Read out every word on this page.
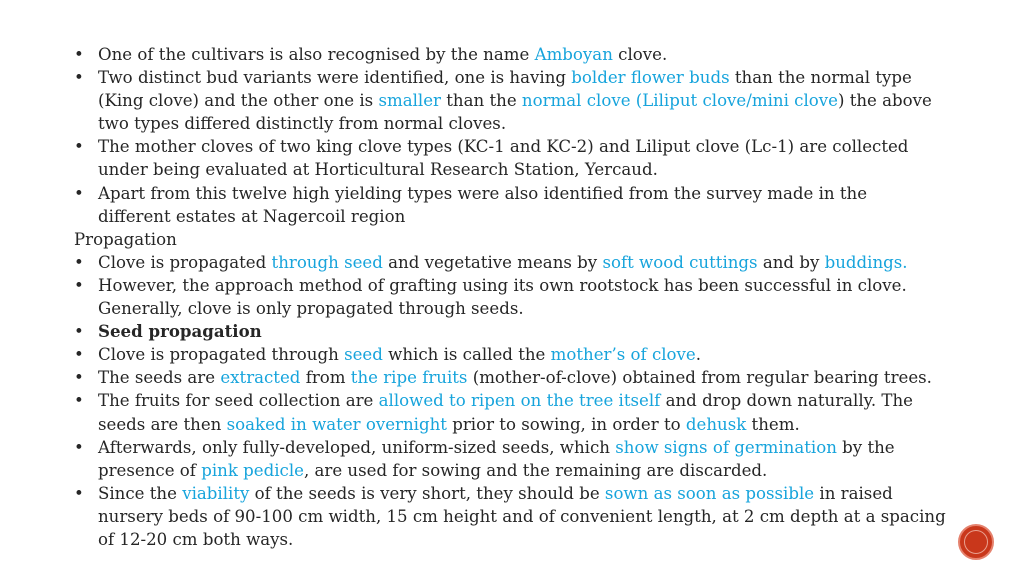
• One of the cultivars is also recognised by the name Amboyan clove.
• Two distinct bud variants were identified, one is having bolder flower buds than the normal type
(King clove) and the other one is smaller than the normal clove (Liliput clove/mini clove) the above
two types differed distinctly from normal cloves.
• The mother cloves of two king clove types (KC-1 and KC-2) and Liliput clove (Lc-1) are collected
under being evaluated at Horticultural Research Station, Yercaud.
• Apart from this twelve high yielding types were also identified from the survey made in the
different estates at Nagercoil region
Propagation
• Clove is propagated through seed and vegetative means by soft wood cuttings and by buddings.
• However, the approach method of grafting using its own rootstock has been successful in clove.
Generally, clove is only propagated through seeds.
• Seed propagation
• Clove is propagated through seed which is called the mother’s of clove.
• The seeds are extracted from the ripe fruits (mother-of-clove) obtained from regular bearing trees.
• The fruits for seed collection are allowed to ripen on the tree itself and drop down naturally. The
seeds are then soaked in water overnight prior to sowing, in order to dehusk them.
• Afterwards, only fully-developed, uniform-sized seeds, which show signs of germination by the
presence of pink pedicle, are used for sowing and the remaining are discarded.
• Since the viability of the seeds is very short, they should be sown as soon as possible in raised
nursery beds of 90-100 cm width, 15 cm height and of convenient length, at 2 cm depth at a spacing
of 12-20 cm both ways.
